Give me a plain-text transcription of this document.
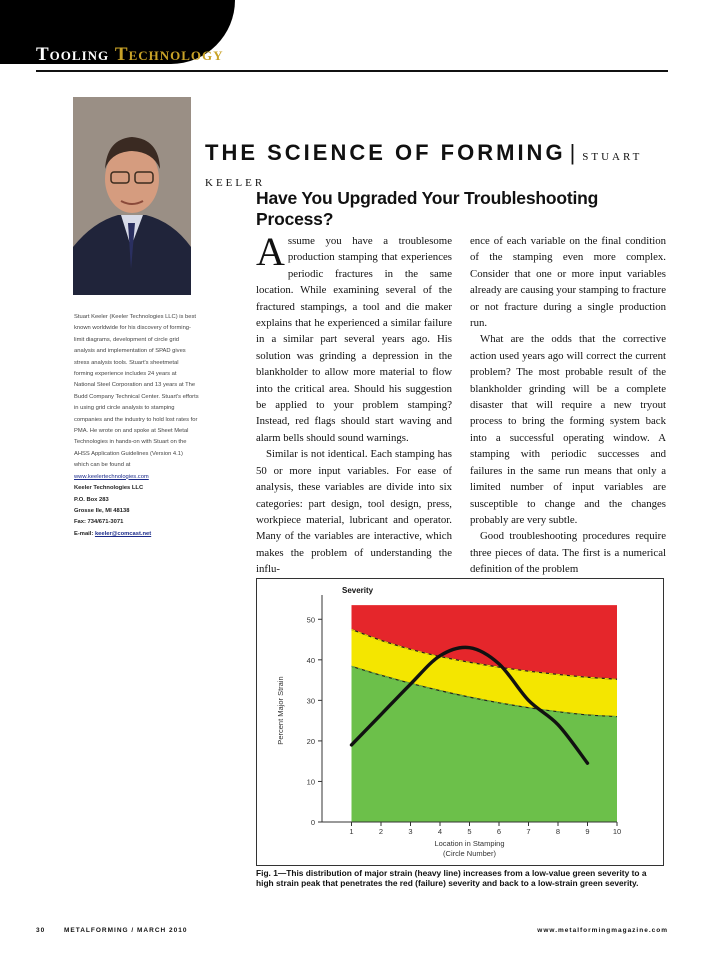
Tooling Technology
Stuart Keeler (Keeler Technologies LLC) is best known worldwide for his discovery of forming-limit diagrams, development of circle grid analysis and implementation of SPAD gives stress analysis tools. Stuart's sheetmetal forming experience includes 24 years at National Steel Corporation and 13 years at The Budd Company Technical Center. Stuart's efforts in using grid circle analysis to stamping companies and the industry to hold lost rates for PMA. He wrote on and spoke at Sheet Metal Technologies in hands-on with Stuart on the AHSS Application Guidelines (Version 4.1) which can be found at
www.keelertechnologies.com
Keeler Technologies LLC
P.O. Box 283
Grosse Ile, MI 48138
Fax: 734/671-3071
E-mail: keeler@comcast.net
THE SCIENCE OF FORMING | STUART KEELER
Have You Upgraded Your Troubleshooting Process?

Assume you have a troublesome production stamping that experiences periodic fractures in the same location. While examining several of the fractured stampings, a tool and die maker explains that he experienced a similar failure in a similar part several years ago. His solution was grinding a depression in the blankholder to allow more material to flow into the critical area. Should his suggestion be applied to your problem stamping? Instead, red flags should start waving and alarm bells should sound warnings.

Similar is not identical. Each stamping has 50 or more input variables. For ease of analysis, these variables are divide into six categories: part design, tool design, press, workpiece material, lubricant and operator. Many of the variables are interactive, which makes the problem of understanding the influ-

ence of each variable on the final condition of the stamping even more complex. Consider that one or more input variables already are causing your stamping to fracture or not fracture during a single production run.

What are the odds that the corrective action used years ago will correct the current problem? The most probable result of the blankholder grinding will be a complete disaster that will require a new tryout process to bring the forming system back into a successful operating window. A stamping with periodic successes and failures in the same run means that only a limited number of input variables are susceptible to change and the changes probably are very subtle.

Good troubleshooting procedures require three pieces of data. The first is a numerical definition of the problem

0
10
20
30
40
50
1	2	3	4	5	6	7	8	9	10
Severity
Percent Major Strain
Location in Stamping
(Circle Number)
Fig. 1—This distribution of major strain (heavy line) increases from a low-value green severity to a high strain peak that penetrates the red (failure) severity and back to a low-strain green severity.
30	METALFORMING / MARCH 2010	www.metalformingmagazine.com
